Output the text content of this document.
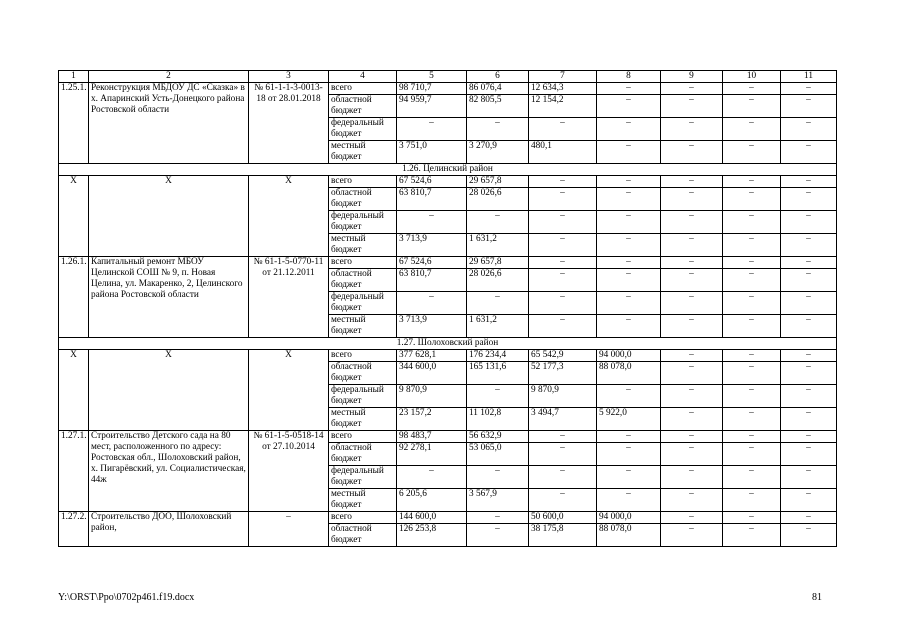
1	2	3	4	5	6	7	8	9	10	11
1.25.1.	Реконструкция МБДОУ ДС «Сказка» в х. Апаринский Усть-Донецкого района Ростовской области	№ 61-1-1-3-0013-18 от 28.01.2018	всего	98 710,7	86 076,4	12 634,3	–	–	–	–
			областной бюджет	94 959,7	82 805,5	12 154,2	–	–	–	–
			федеральный бюджет	–	–	–	–	–	–	–
			местный бюджет	3 751,0	3 270,9	480,1	–	–	–	–
1.26. Целинский район										
Х	Х	Х	всего	67 524,6	29 657,8	–	–	–	–	–
			областной бюджет	63 810,7	28 026,6	–	–	–	–	–
			федеральный бюджет	–	–	–	–	–	–	–
			местный бюджет	3 713,9	1 631,2	–	–	–	–	–
1.26.1.	Капитальный ремонт МБОУ Целинской СОШ № 9, п. Новая Целина, ул. Макаренко, 2, Целинского района Ростовской области	№ 61-1-5-0770-11 от 21.12.2011	всего	67 524,6	29 657,8	–	–	–	–	–
			областной бюджет	63 810,7	28 026,6	–	–	–	–	–
			федеральный бюджет	–	–	–	–	–	–	–
			местный бюджет	3 713,9	1 631,2	–	–	–	–	–
1.27. Шолоховский район										
Х	Х	Х	всего	377 628,1	176 234,4	65 542,9	94 000,0	–	–	–
			областной бюджет	344 600,0	165 131,6	52 177,3	88 078,0	–	–	–
			федеральный бюджет	9 870,9	–	9 870,9	–	–	–	–
			местный бюджет	23 157,2	11 102,8	3 494,7	5 922,0	–	–	–
1.27.1.	Строительство Детского сада на 80 мест, расположенного по адресу: Ростовская обл., Шолоховский район, х. Пигарёвский, ул. Социалистическая, 44ж	№ 61-1-5-0518-14 от 27.10.2014	всего	98 483,7	56 632,9	–	–	–	–	–
			областной бюджет	92 278,1	53 065,0	–	–	–	–	–
			федеральный бюджет	–	–	–	–	–	–	–
			местный бюджет	6 205,6	3 567,9	–	–	–	–	–
1.27.2.	Строительство ДОО, Шолоховский район,	–	всего	144 600,0	–	50 600,0	94 000,0	–	–	–
			областной бюджет	126 253,8	–	38 175,8	88 078,0	–	–	–
Y:\ORST\Ppo\0702p461.f19.docx	81
